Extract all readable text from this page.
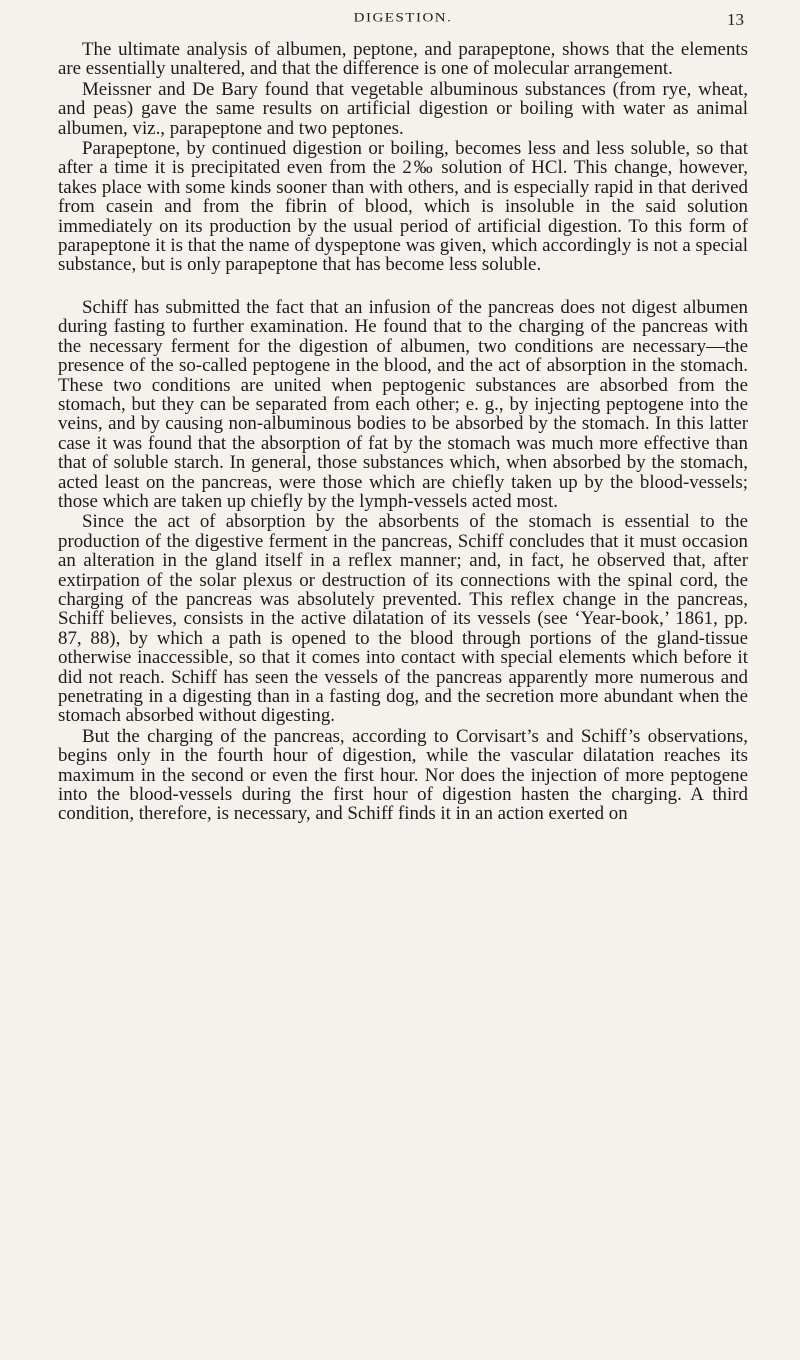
DIGESTION.	13

The ultimate analysis of albumen, peptone, and parapeptone, shows that the elements are essentially unaltered, and that the difference is one of molecular arrangement.

Meissner and De Bary found that vegetable albuminous substances (from rye, wheat, and peas) gave the same results on artificial digestion or boiling with water as animal albumen, viz., parapeptone and two peptones.

Parapeptone, by continued digestion or boiling, becomes less and less soluble, so that after a time it is precipitated even from the 2‰ solution of HCl. This change, however, takes place with some kinds sooner than with others, and is especially rapid in that derived from casein and from the fibrin of blood, which is insoluble in the said solution immediately on its production by the usual period of artificial digestion. To this form of parapeptone it is that the name of dyspeptone was given, which accordingly is not a special substance, but is only parapeptone that has become less soluble.

Schiff has submitted the fact that an infusion of the pancreas does not digest albumen during fasting to further examination. He found that to the charging of the pancreas with the necessary ferment for the digestion of albumen, two conditions are necessary—the presence of the so-called peptogene in the blood, and the act of absorption in the stomach. These two conditions are united when peptogenic substances are absorbed from the stomach, but they can be separated from each other; e. g., by injecting peptogene into the veins, and by causing non-albuminous bodies to be absorbed by the stomach. In this latter case it was found that the absorption of fat by the stomach was much more effective than that of soluble starch. In general, those substances which, when absorbed by the stomach, acted least on the pancreas, were those which are chiefly taken up by the blood-vessels; those which are taken up chiefly by the lymph-vessels acted most.

Since the act of absorption by the absorbents of the stomach is essential to the production of the digestive ferment in the pancreas, Schiff concludes that it must occasion an alteration in the gland itself in a reflex manner; and, in fact, he observed that, after extirpation of the solar plexus or destruction of its connections with the spinal cord, the charging of the pancreas was absolutely prevented. This reflex change in the pancreas, Schiff believes, consists in the active dilatation of its vessels (see ‘Year-book,’ 1861, pp. 87, 88), by which a path is opened to the blood through portions of the gland-tissue otherwise inaccessible, so that it comes into contact with special elements which before it did not reach. Schiff has seen the vessels of the pancreas apparently more numerous and penetrating in a digesting than in a fasting dog, and the secretion more abundant when the stomach absorbed without digesting.

But the charging of the pancreas, according to Corvisart’s and Schiff’s observations, begins only in the fourth hour of digestion, while the vascular dilatation reaches its maximum in the second or even the first hour. Nor does the injection of more peptogene into the blood-vessels during the first hour of digestion hasten the charging. A third condition, therefore, is necessary, and Schiff finds it in an action exerted on
